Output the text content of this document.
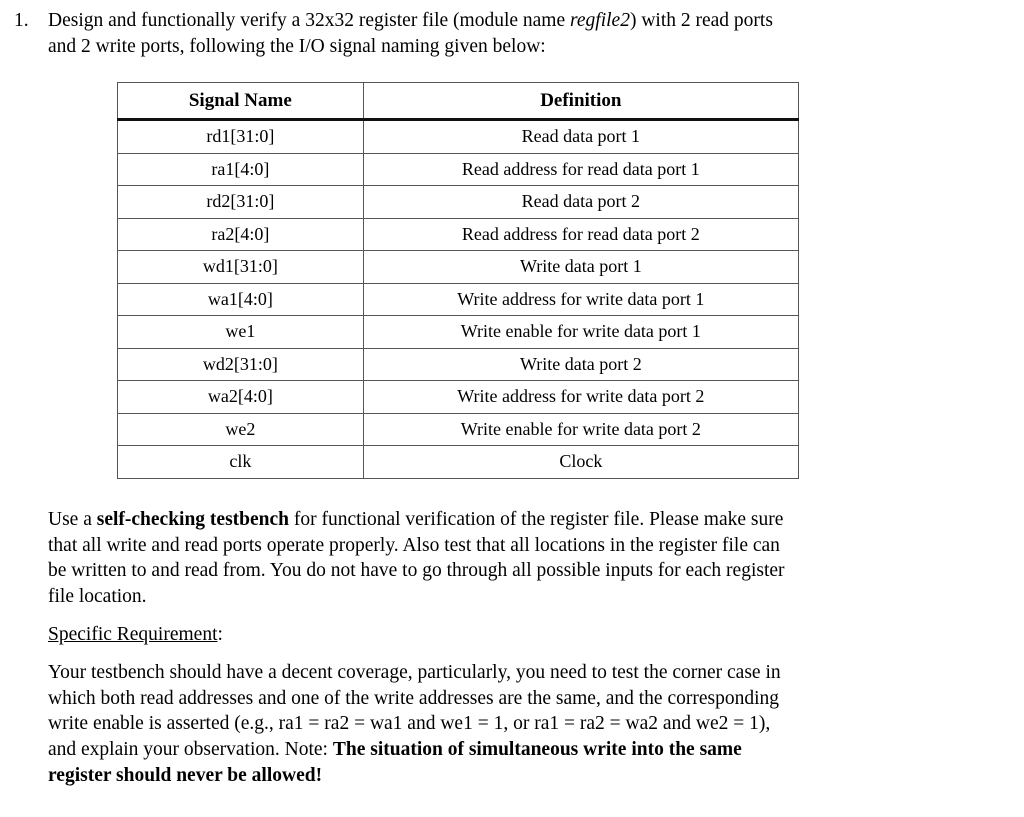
1. Design and functionally verify a 32x32 register file (module name regfile2) with 2 read ports
and 2 write ports, following the I/O signal naming given below:
Signal Name	Definition
rd1[31:0]	Read data port 1
ra1[4:0]	Read address for read data port 1
rd2[31:0]	Read data port 2
ra2[4:0]	Read address for read data port 2
wd1[31:0]	Write data port 1
wa1[4:0]	Write address for write data port 1
we1	Write enable for write data port 1
wd2[31:0]	Write data port 2
wa2[4:0]	Write address for write data port 2
we2	Write enable for write data port 2
clk	Clock
Use a self-checking testbench for functional verification of the register file. Please make sure
that all write and read ports operate properly. Also test that all locations in the register file can
be written to and read from. You do not have to go through all possible inputs for each register
file location.
Specific Requirement:
Your testbench should have a decent coverage, particularly, you need to test the corner case in
which both read addresses and one of the write addresses are the same, and the corresponding
write enable is asserted (e.g., ra1 = ra2 = wa1 and we1 = 1, or ra1 = ra2 = wa2 and we2 = 1),
and explain your observation. Note: The situation of simultaneous write into the same
register should never be allowed!
